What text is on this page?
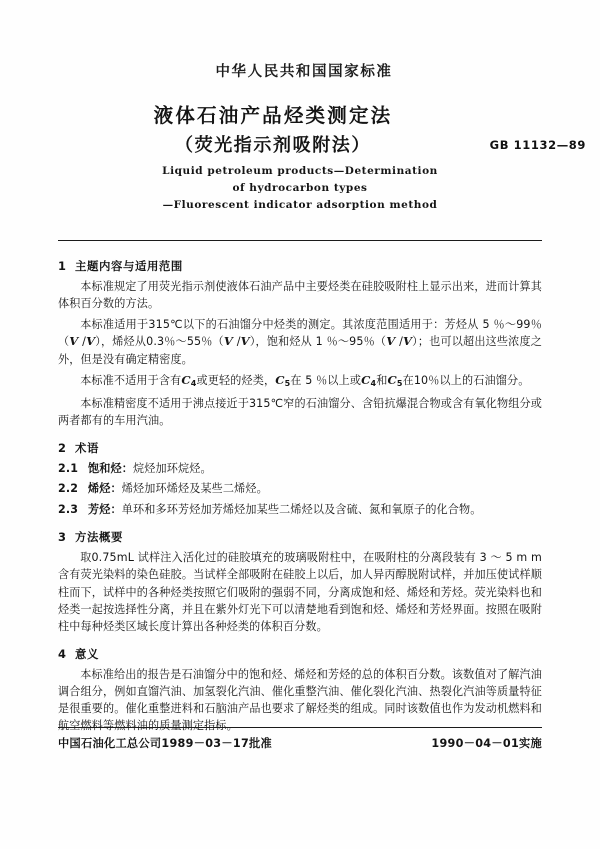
中华人民共和国国家标准

液体石油产品烃类测定法
（荧光指示剂吸附法）	GB 11132—89
Liquid petroleum products—Determination
of hydrocarbon types
—Fluorescent indicator adsorption method

1 主题内容与适用范围

本标准规定了用荧光指示剂使液体石油产品中主要烃类在硅胶吸附柱上显示出来，进而计算其体积百分数的方法。

本标准适用于315℃以下的石油馏分中烃类的测定。其浓度范围适用于：芳烃从 5 ％～99％（V /V），烯烃从0.3％～55％（V /V），饱和烃从 1 ％～95％（V /V）；也可以超出这些浓度之外，但是没有确定精密度。

本标准不适用于含有$C_4$或更轻的烃类，$C_5$在 5 ％以上或$C_4$和$C_5$在10％以上的石油馏分。

本标准精密度不适用于沸点接近于315℃窄的石油馏分、含铅抗爆混合物或含有氧化物组分或 两者都有的车用汽油。

2 术语

2.1 饱和烃：烷烃加环烷烃。

2.2 烯烃：烯烃加环烯烃及某些二烯烃。

2.3 芳烃：单环和多环芳烃加芳烯烃加某些二烯烃以及含硫、氮和氧原子的化合物。

3 方法概要

取0.75mL 试样注入活化过的硅胶填充的玻璃吸附柱中，在吸附柱的分离段装有 3 ～ 5 m m 含有荧光染料的染色硅胶。当试样全部吸附在硅胶上以后，加人异丙醇脱附试样，并加压使试样顺柱而下，试样中的各种烃类按照它们吸附的强弱不同，分离成饱和烃、烯烃和芳烃。荧光染料也和烃类一起按选择性分离，并且在紫外灯光下可以清楚地看到饱和烃、烯烃和芳烃界面。按照在吸附柱中每种烃类区域长度计算出各种烃类的体积百分数。

4 意义

本标准给出的报告是石油馏分中的饱和烃、烯烃和芳烃的总的体积百分数。该数值对了解汽油调合组分，例如直馏汽油、加氢裂化汽油、催化重整汽油、催化裂化汽油、热裂化汽油等质量特征是很重要的。催化重整进料和石脑油产品也要求了解烃类的组成。同时该数值也作为发动机燃料和航空燃料等燃料油的质量测定指标。

中国石油化工总公司1989－03－17批准	1990－04－01实施
